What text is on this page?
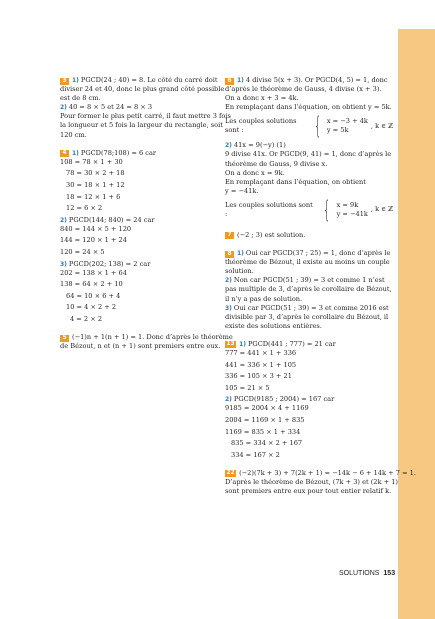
3 1) PGCD(24 ; 40) = 8. Le côté du carré doit
diviser 24 et 40, donc le plus grand côté possible
est de 8 cm.
2) 40 = 8 × 5 et 24 = 8 × 3
Pour former le plus petit carré, il faut mettre 3 fois
la longueur et 5 fois la largeur du rectangle, soit
120 cm.
4 1) PGCD(78;108) = 6 car
108 = 78 × 1 + 30
78 = 30 × 2 + 18
30 = 18 × 1 + 12
18 = 12 × 1 + 6
12 = 6 × 2
2) PGCD(144; 840) = 24 car
840 = 144 × 5 + 120
144 = 120 × 1 + 24
120 = 24 × 5
3) PGCD(202; 138) = 2 car
202 = 138 × 1 + 64
138 = 64 × 2 + 10
64 = 10 × 6 + 4
10 = 4 × 2 + 2
4 = 2 × 2
5 (−1)n + 1(n + 1) = 1. Donc d’après le théorème
de Bézout, n et (n + 1) sont premiers entre eux.
6 1) 4 divise 5(x + 3). Or PGCD(4, 5) = 1, donc
d’après le théorème de Gauss, 4 divise (x + 3).
On a donc x + 3 = 4k.
En remplaçant dans l’équation, on obtient y = 5k.
Les couples solutions sont :	{ x = −3 + 4k
y = 5k
, k ∈ ℤ
2) 41x = 9(−y) (1)
9 divise 41x. Or PGCD(9, 41) = 1, donc d’après le
théorème de Gauss, 9 divise x.
On a donc x = 9k.
En remplaçant dans l’équation, on obtient
y = −41k.
Les couples solutions sont :	{ x = 9k
y = −41k
, k ∈ ℤ
7 (−2 ; 3) est solution.
8 1) Oui car PGCD(37 ; 25) = 1, donc d’après le
théorème de Bézout, il existe au moins un couple
solution.
2) Non car PGCD(51 ; 39) = 3 et comme 1 n’est
pas multiple de 3, d’après le corollaire de Bézout,
il n’y a pas de solution.
3) Oui car PGCD(51 ; 39) = 3 et comme 2016 est
divisible par 3, d’après le corollaire du Bézout, il
existe des solutions entières.
13 1) PGCD(441 ; 777) = 21 car
777 = 441 × 1 + 336
441 = 336 × 1 + 105
336 = 105 × 3 + 21
105 = 21 × 5
2) PGCD(9185 ; 2004) = 167 car
9185 = 2004 × 4 + 1169
2004 = 1169 × 1 + 835
1169 = 835 × 1 + 334
835 = 334 × 2 + 167
334 = 167 × 2
22 (−2)(7k + 3) + 7(2k + 1) = −14k − 6 + 14k + 7 = 1.
D’après le théorème de Bézout, (7k + 3) et (2k + 1)
sont premiers entre eux pour tout entier relatif k.
SOLUTIONS 153
